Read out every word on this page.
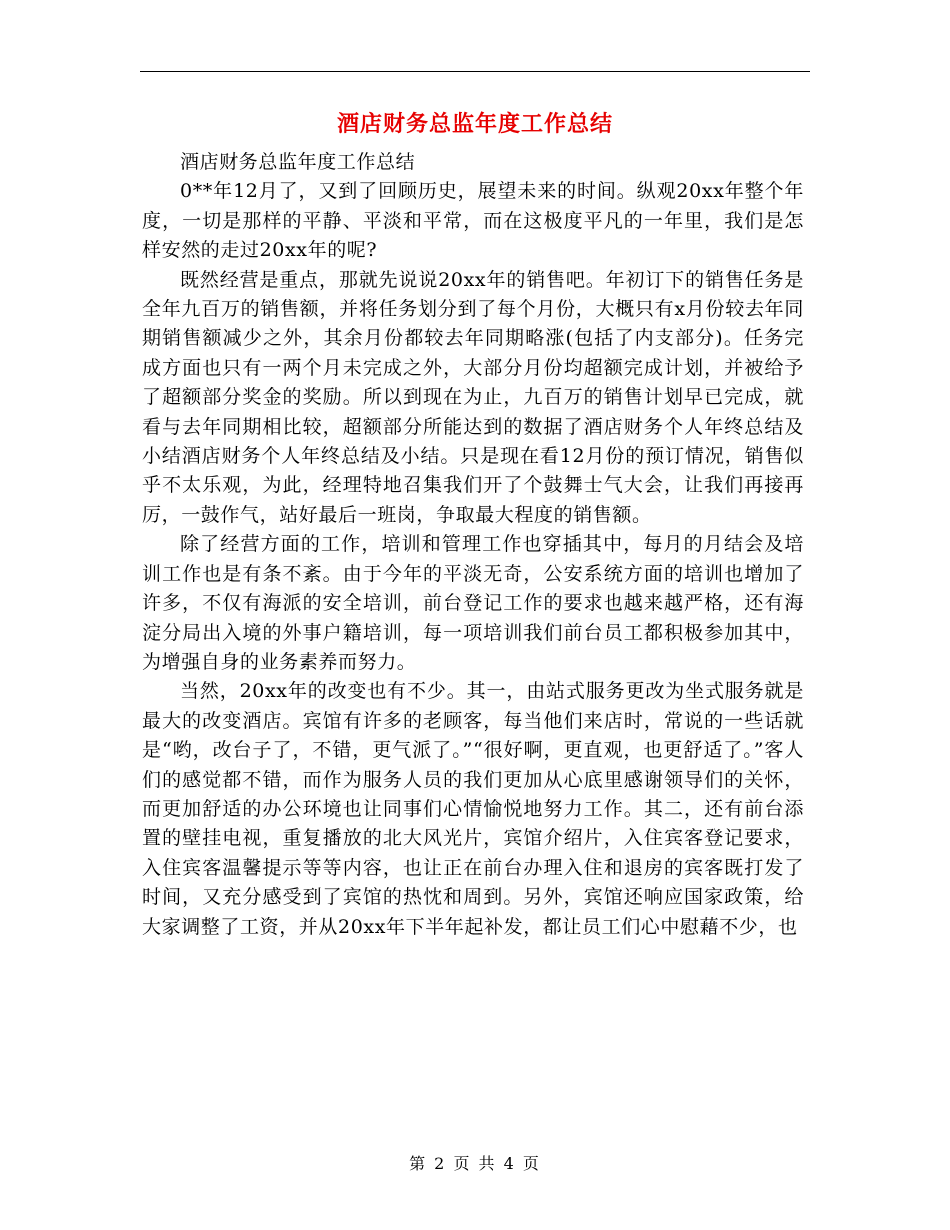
酒店财务总监年度工作总结

酒店财务总监年度工作总结

0**年12月了，又到了回顾历史，展望未来的时间。纵观20xx年整个年度，一切是那样的平静、平淡和平常，而在这极度平凡的一年里，我们是怎样安然的走过20xx年的呢?

既然经营是重点，那就先说说20xx年的销售吧。年初订下的销售任务是全年九百万的销售额，并将任务划分到了每个月份，大概只有x月份较去年同期销售额减少之外，其余月份都较去年同期略涨(包括了内支部分)。任务完成方面也只有一两个月未完成之外，大部分月份均超额完成计划，并被给予了超额部分奖金的奖励。所以到现在为止，九百万的销售计划早已完成，就看与去年同期相比较，超额部分所能达到的数据了酒店财务个人年终总结及小结酒店财务个人年终总结及小结。只是现在看12月份的预订情况，销售似乎不太乐观，为此，经理特地召集我们开了个鼓舞士气大会，让我们再接再厉，一鼓作气，站好最后一班岗，争取最大程度的销售额。

除了经营方面的工作，培训和管理工作也穿插其中，每月的月结会及培训工作也是有条不紊。由于今年的平淡无奇，公安系统方面的培训也增加了许多，不仅有海派的安全培训，前台登记工作的要求也越来越严格，还有海淀分局出入境的外事户籍培训，每一项培训我们前台员工都积极参加其中，为增强自身的业务素养而努力。

当然，20xx年的改变也有不少。其一，由站式服务更改为坐式服务就是最大的改变酒店。宾馆有许多的老顾客，每当他们来店时，常说的一些话就是“哟，改台子了，不错，更气派了。”“很好啊，更直观，也更舒适了。”客人们的感觉都不错，而作为服务人员的我们更加从心底里感谢领导们的关怀，而更加舒适的办公环境也让同事们心情愉悦地努力工作。其二，还有前台添置的壁挂电视，重复播放的北大风光片，宾馆介绍片，入住宾客登记要求，入住宾客温馨提示等等内容，也让正在前台办理入住和退房的宾客既打发了时间，又充分感受到了宾馆的热忱和周到。另外，宾馆还响应国家政策，给大家调整了工资，并从20xx年下半年起补发，都让员工们心中慰藉不少，也

第 2 页 共 4 页
